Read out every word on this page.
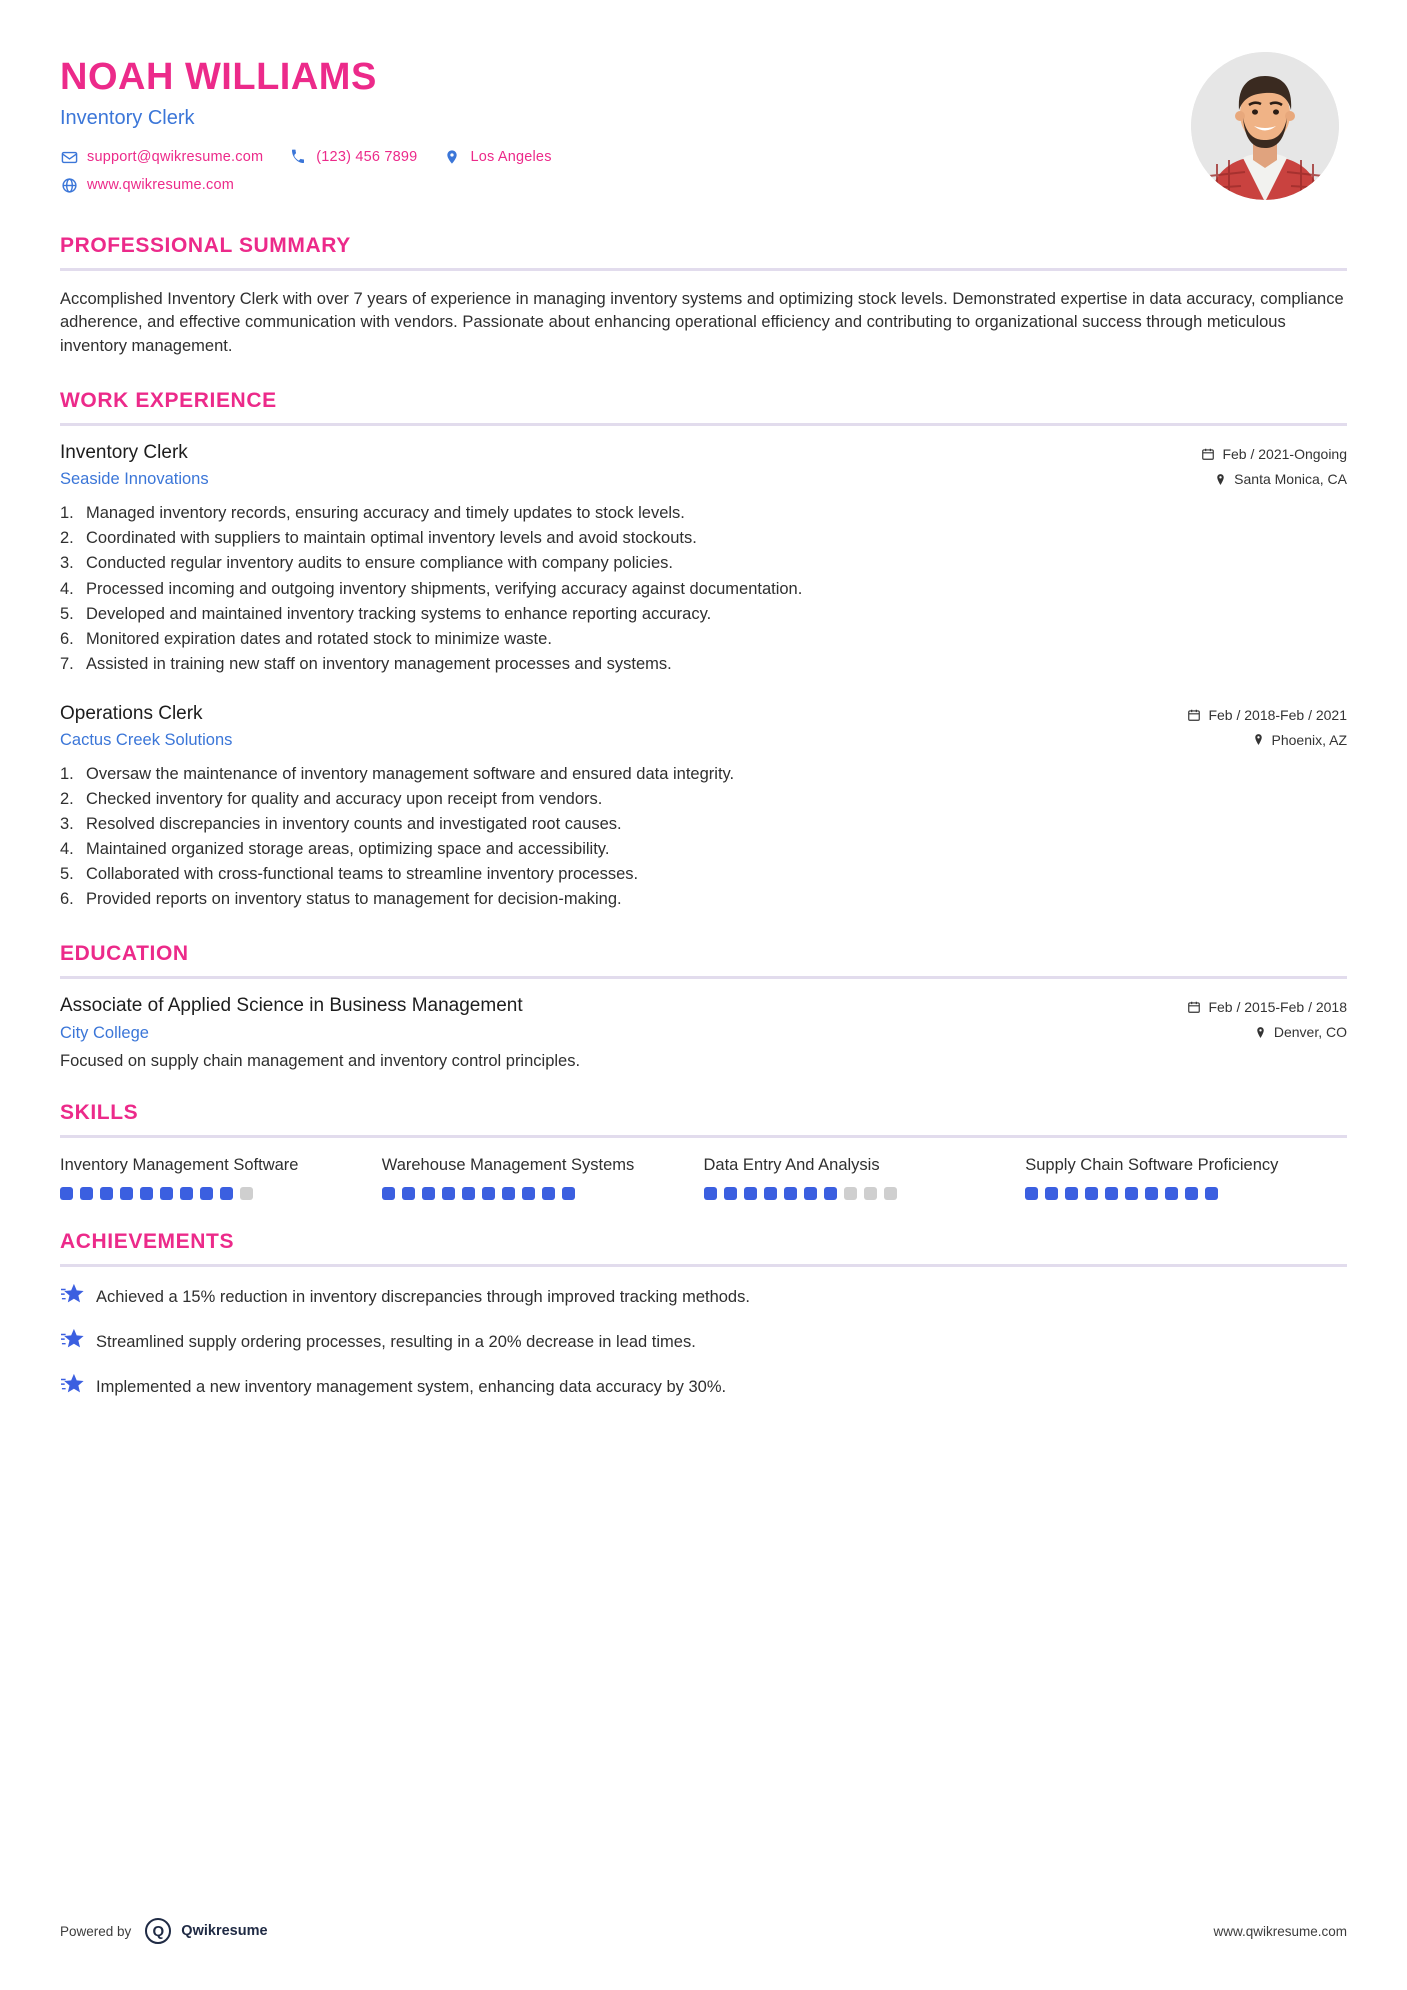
NOAH WILLIAMS
Inventory Clerk
support@qwikresume.com	(123) 456 7899	Los Angeles
www.qwikresume.com
PROFESSIONAL SUMMARY

Accomplished Inventory Clerk with over 7 years of experience in managing inventory systems and optimizing stock levels. Demonstrated expertise in data accuracy, compliance adherence, and effective communication with vendors. Passionate about enhancing operational efficiency and contributing to organizational success through meticulous inventory management.

WORK EXPERIENCE
Inventory Clerk
Seaside Innovations
Feb / 2021-Ongoing
Santa Monica, CA
1. Managed inventory records, ensuring accuracy and timely updates to stock levels.
2. Coordinated with suppliers to maintain optimal inventory levels and avoid stockouts.
3. Conducted regular inventory audits to ensure compliance with company policies.
4. Processed incoming and outgoing inventory shipments, verifying accuracy against documentation.
5. Developed and maintained inventory tracking systems to enhance reporting accuracy.
6. Monitored expiration dates and rotated stock to minimize waste.
7. Assisted in training new staff on inventory management processes and systems.
Operations Clerk
Cactus Creek Solutions
Feb / 2018-Feb / 2021
Phoenix, AZ
1. Oversaw the maintenance of inventory management software and ensured data integrity.
2. Checked inventory for quality and accuracy upon receipt from vendors.
3. Resolved discrepancies in inventory counts and investigated root causes.
4. Maintained organized storage areas, optimizing space and accessibility.
5. Collaborated with cross-functional teams to streamline inventory processes.
6. Provided reports on inventory status to management for decision-making.
EDUCATION
Associate of Applied Science in Business Management
City College
Feb / 2015-Feb / 2018
Denver, CO
Focused on supply chain management and inventory control principles.
SKILLS
Inventory Management Software	Warehouse Management Systems	Data Entry And Analysis	Supply Chain Software Proficiency
ACHIEVEMENTS
Achieved a 15% reduction in inventory discrepancies through improved tracking methods.
Streamlined supply ordering processes, resulting in a 20% decrease in lead times.
Implemented a new inventory management system, enhancing data accuracy by 30%.
Powered by	Q	Qwikresume	www.qwikresume.com
